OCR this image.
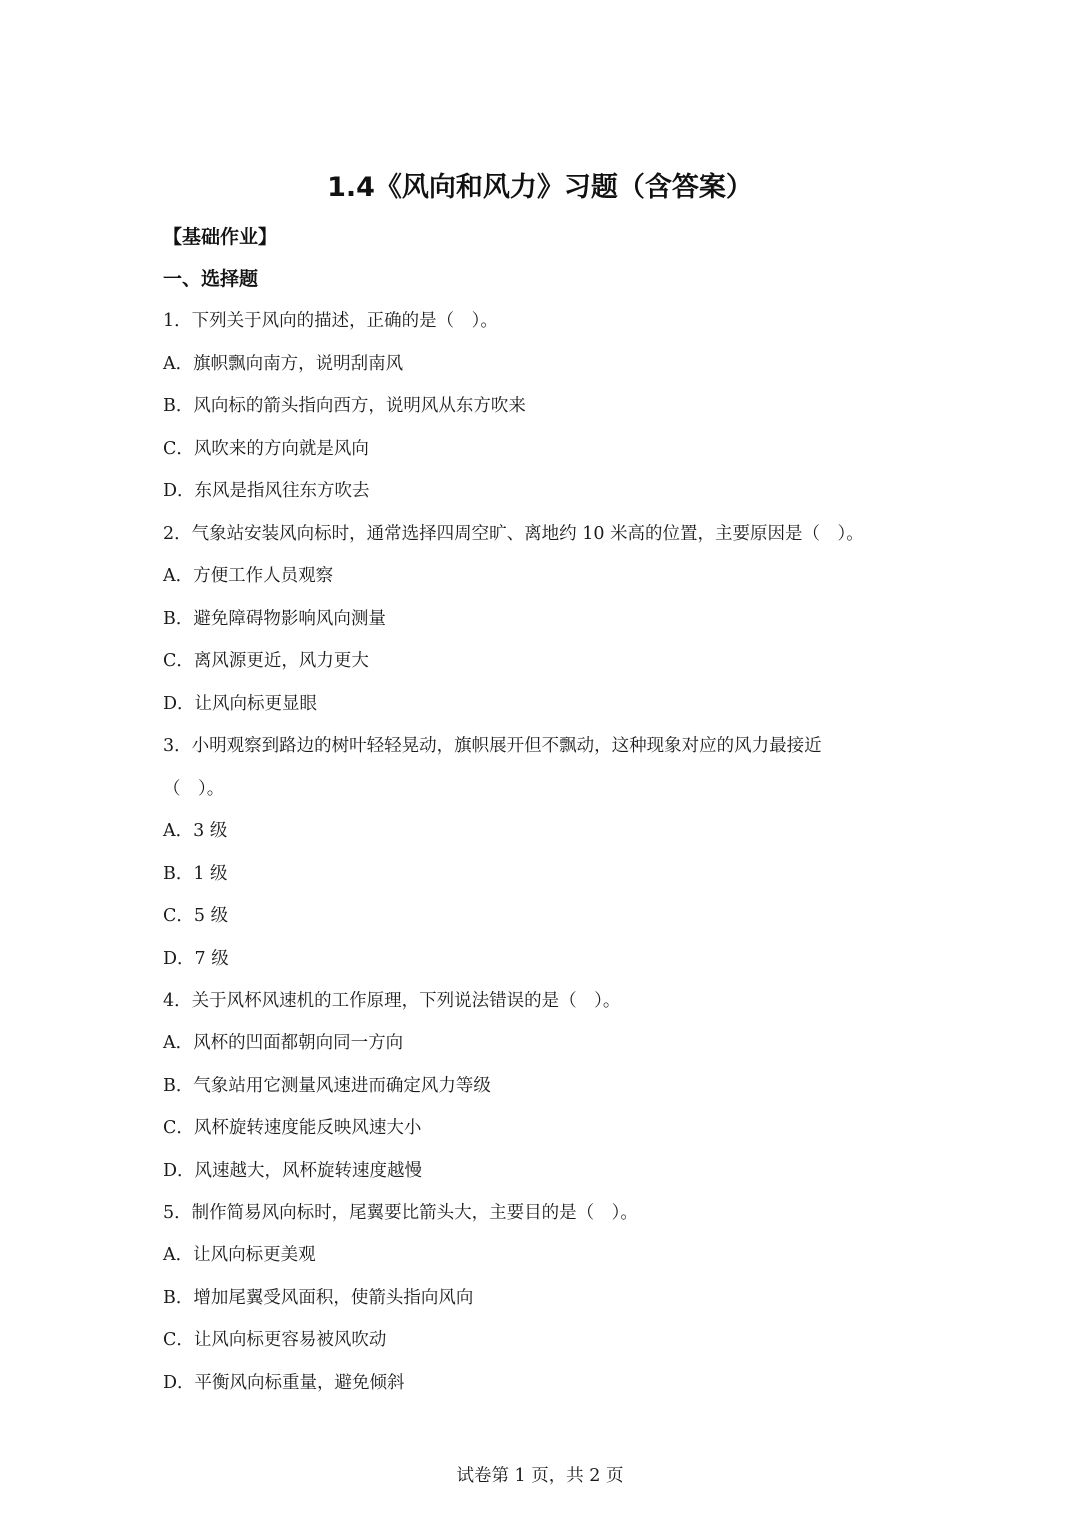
1.4《风向和风力》习题（含答案）
【基础作业】
一、选择题
1．下列关于风向的描述，正确的是（　）。
A．旗帜飘向南方，说明刮南风
B．风向标的箭头指向西方，说明风从东方吹来
C．风吹来的方向就是风向
D．东风是指风往东方吹去
2．气象站安装风向标时，通常选择四周空旷、离地约 10 米高的位置，主要原因是（　）。
A．方便工作人员观察
B．避免障碍物影响风向测量
C．离风源更近，风力更大
D．让风向标更显眼
3．小明观察到路边的树叶轻轻晃动，旗帜展开但不飘动，这种现象对应的风力最接近
（　）。
A．3 级
B．1 级
C．5 级
D．7 级
4．关于风杯风速机的工作原理，下列说法错误的是（　）。
A．风杯的凹面都朝向同一方向
B．气象站用它测量风速进而确定风力等级
C．风杯旋转速度能反映风速大小
D．风速越大，风杯旋转速度越慢
5．制作简易风向标时，尾翼要比箭头大，主要目的是（　）。
A．让风向标更美观
B．增加尾翼受风面积，使箭头指向风向
C．让风向标更容易被风吹动
D．平衡风向标重量，避免倾斜
试卷第 1 页，共 2 页
